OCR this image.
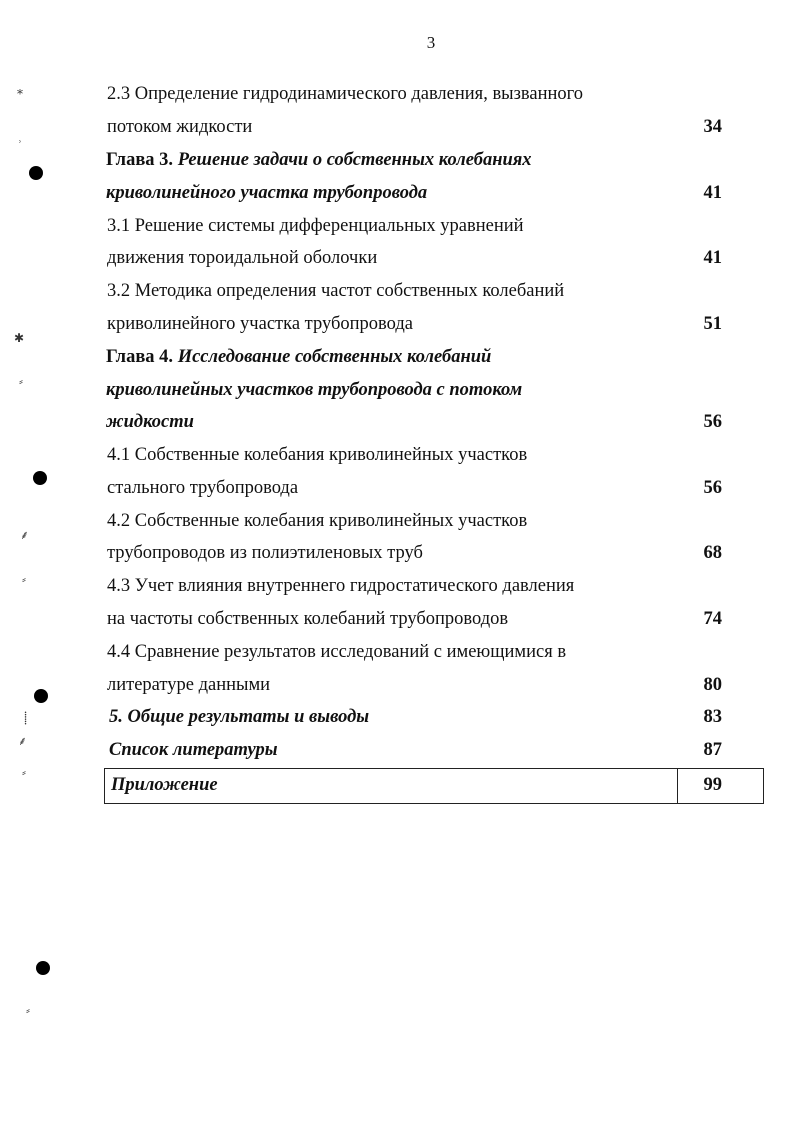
3
⁎
⸒
✱
⸗
⸙
⸗
⸽
⸙
⸗
⸗
2.3 Определение гидродинамического давления, вызванного
потоком жидкости	34
Глава 3. Решение задачи о собственных колебаниях
криволинейного участка трубопровода	41
3.1 Решение системы дифференциальных уравнений
движения тороидальной оболочки	41
3.2 Методика определения частот собственных колебаний
криволинейного участка трубопровода	51
Глава 4. Исследование собственных колебаний
криволинейных участков трубопровода с потоком
жидкости	56
4.1 Собственные колебания криволинейных участков
стального трубопровода	56
4.2 Собственные колебания криволинейных участков
трубопроводов из полиэтиленовых труб	68
4.3 Учет влияния внутреннего гидростатического давления
на частоты собственных колебаний трубопроводов	74
4.4 Сравнение результатов исследований с имеющимися в
литературе данными	80
5. Общие результаты и выводы	83
Список литературы	87
Приложение	99
